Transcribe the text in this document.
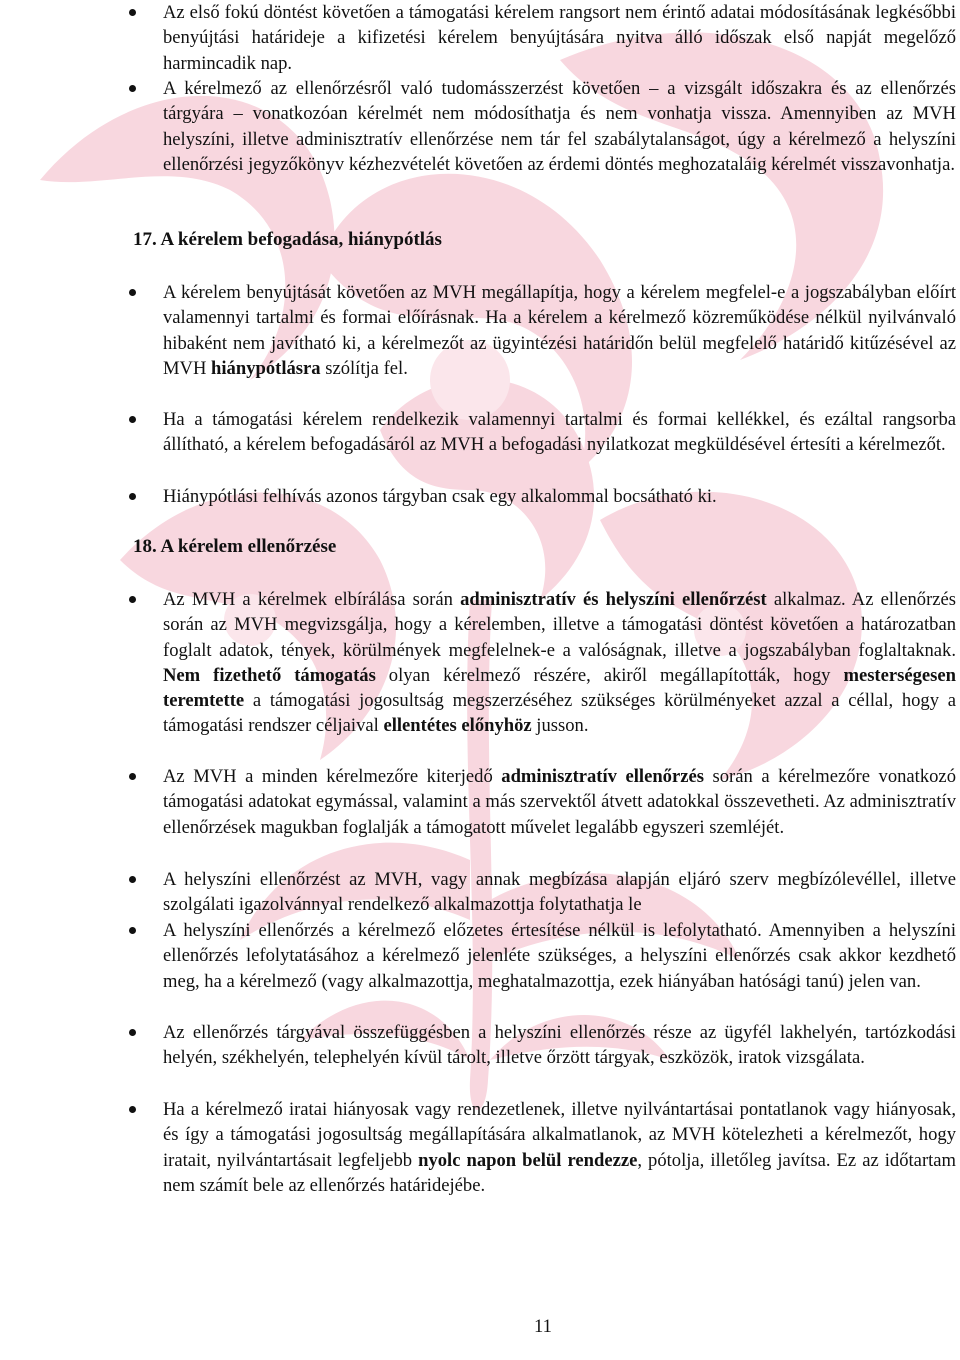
Az első fokú döntést követően a támogatási kérelem rangsort nem érintő adatai módosításának legkésőbbi benyújtási határideje a kifizetési kérelem benyújtására nyitva álló időszak első napját megelőző harmincadik nap.
A kérelmező az ellenőrzésről való tudomásszerzést követően – a vizsgált időszakra és az ellenőrzés tárgyára – vonatkozóan kérelmét nem módosíthatja és nem vonhatja vissza. Amennyiben az MVH helyszíni, illetve adminisztratív ellenőrzése nem tár fel szabálytalanságot, úgy a kérelmező a helyszíni ellenőrzési jegyzőkönyv kézhezvételét követően az érdemi döntés meghozataláig kérelmét visszavonhatja.
17. A kérelem befogadása, hiánypótlás
A kérelem benyújtását követően az MVH megállapítja, hogy a kérelem megfelel-e a jogszabályban előírt valamennyi tartalmi és formai előírásnak. Ha a kérelem a kérelmező közreműködése nélkül nyilvánvaló hibaként nem javítható ki, a kérelmezőt az ügyintézési határidőn belül megfelelő határidő kitűzésével az MVH hiánypótlásra szólítja fel.
Ha a támogatási kérelem rendelkezik valamennyi tartalmi és formai kellékkel, és ezáltal rangsorba állítható, a kérelem befogadásáról az MVH a befogadási nyilatkozat megküldésével értesíti a kérelmezőt.
Hiánypótlási felhívás azonos tárgyban csak egy alkalommal bocsátható ki.
18. A kérelem ellenőrzése
Az MVH a kérelmek elbírálása során adminisztratív és helyszíni ellenőrzést alkalmaz. Az ellenőrzés során az MVH megvizsgálja, hogy a kérelemben, illetve a támogatási döntést követően a határozatban foglalt adatok, tények, körülmények megfelelnek-e a valóságnak, illetve a jogszabályban foglaltaknak. Nem fizethető támogatás olyan kérelmező részére, akiről megállapították, hogy mesterségesen teremtette a támogatási jogosultság megszerzéséhez szükséges körülményeket azzal a céllal, hogy a támogatási rendszer céljaival ellentétes előnyhöz jusson.
Az MVH a minden kérelmezőre kiterjedő adminisztratív ellenőrzés során a kérelmezőre vonatkozó támogatási adatokat egymással, valamint a más szervektől átvett adatokkal összevetheti. Az adminisztratív ellenőrzések magukban foglalják a támogatott művelet legalább egyszeri szemléjét.
A helyszíni ellenőrzést az MVH, vagy annak megbízása alapján eljáró szerv megbízólevéllel, illetve szolgálati igazolvánnyal rendelkező alkalmazottja folytathatja le
A helyszíni ellenőrzés a kérelmező előzetes értesítése nélkül is lefolytatható. Amennyiben a helyszíni ellenőrzés lefolytatásához a kérelmező jelenléte szükséges, a helyszíni ellenőrzés csak akkor kezdhető meg, ha a kérelmező (vagy alkalmazottja, meghatalmazottja, ezek hiányában hatósági tanú) jelen van.
Az ellenőrzés tárgyával összefüggésben a helyszíni ellenőrzés része az ügyfél lakhelyén, tartózkodási helyén, székhelyén, telephelyén kívül tárolt, illetve őrzött tárgyak, eszközök, iratok vizsgálata.
Ha a kérelmező iratai hiányosak vagy rendezetlenek, illetve nyilvántartásai pontatlanok vagy hiányosak, és így a támogatási jogosultság megállapítására alkalmatlanok, az MVH kötelezheti a kérelmezőt, hogy iratait, nyilvántartásait legfeljebb nyolc napon belül rendezze, pótolja, illetőleg javítsa. Ez az időtartam nem számít bele az ellenőrzés határidejébe.
11
